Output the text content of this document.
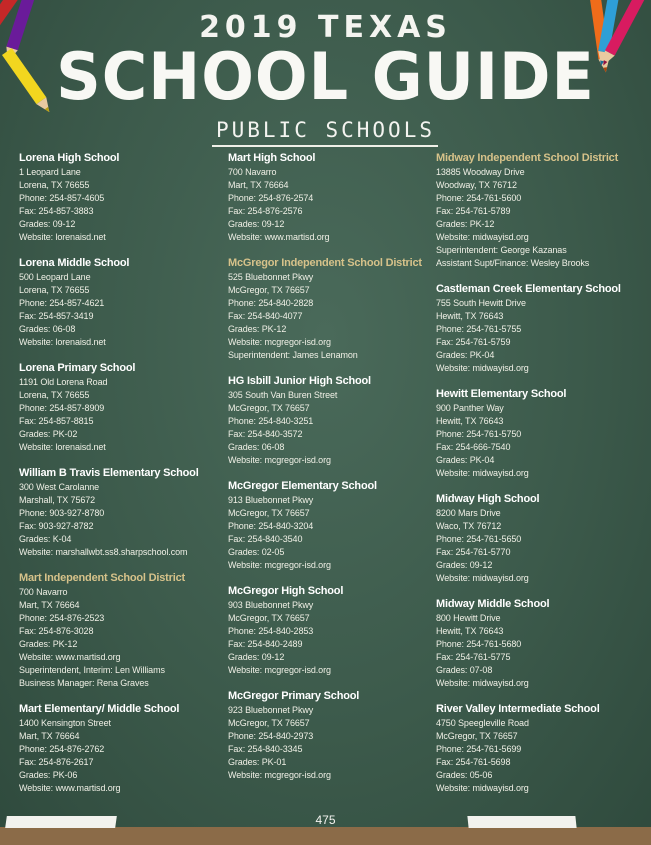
2019 TEXAS
SCHOOL GUIDE
PUBLIC SCHOOLS
Lorena High School
1 Leopard Lane
Lorena, TX 76655
Phone: 254-857-4605
Fax: 254-857-3883
Grades: 09-12
Website: lorenaisd.net
Lorena Middle School
500 Leopard Lane
Lorena, TX 76655
Phone: 254-857-4621
Fax: 254-857-3419
Grades: 06-08
Website: lorenaisd.net
Lorena Primary School
1191 Old Lorena Road
Lorena, TX 76655
Phone: 254-857-8909
Fax: 254-857-8815
Grades: PK-02
Website: lorenaisd.net
William B Travis Elementary School
300 West Carolanne
Marshall, TX 75672
Phone: 903-927-8780
Fax: 903-927-8782
Grades: K-04
Website: marshallwbt.ss8.sharpschool.com
Mart Independent School District
700 Navarro
Mart, TX 76664
Phone: 254-876-2523
Fax: 254-876-3028
Grades: PK-12
Website: www.martisd.org
Superintendent, Interim: Len Williams
Business Manager: Rena Graves
Mart Elementary/ Middle School
1400 Kensington Street
Mart, TX 76664
Phone: 254-876-2762
Fax: 254-876-2617
Grades: PK-06
Website: www.martisd.org
Mart High School
700 Navarro
Mart, TX 76664
Phone: 254-876-2574
Fax: 254-876-2576
Grades: 09-12
Website: www.martisd.org
McGregor Independent School District
525 Bluebonnet Pkwy
McGregor, TX 76657
Phone: 254-840-2828
Fax: 254-840-4077
Grades: PK-12
Website: mcgregor-isd.org
Superintendent: James Lenamon
HG Isbill Junior High School
305 South Van Buren Street
McGregor, TX 76657
Phone: 254-840-3251
Fax: 254-840-3572
Grades: 06-08
Website: mcgregor-isd.org
McGregor Elementary School
913 Bluebonnet Pkwy
McGregor, TX 76657
Phone: 254-840-3204
Fax: 254-840-3540
Grades: 02-05
Website: mcgregor-isd.org
McGregor High School
903 Bluebonnet Pkwy
McGregor, TX 76657
Phone: 254-840-2853
Fax: 254-840-2489
Grades: 09-12
Website: mcgregor-isd.org
McGregor Primary School
923 Bluebonnet Pkwy
McGregor, TX 76657
Phone: 254-840-2973
Fax: 254-840-3345
Grades: PK-01
Website: mcgregor-isd.org
Midway Independent School District
13885 Woodway Drive
Woodway, TX 76712
Phone: 254-761-5600
Fax: 254-761-5789
Grades: PK-12
Website: midwayisd.org
Superintendent: George Kazanas
Assistant Supt/Finance: Wesley Brooks
Castleman Creek Elementary School
755 South Hewitt Drive
Hewitt, TX 76643
Phone: 254-761-5755
Fax: 254-761-5759
Grades: PK-04
Website: midwayisd.org
Hewitt Elementary School
900 Panther Way
Hewitt, TX 76643
Phone: 254-761-5750
Fax: 254-666-7540
Grades: PK-04
Website: midwayisd.org
Midway High School
8200 Mars Drive
Waco, TX 76712
Phone: 254-761-5650
Fax: 254-761-5770
Grades: 09-12
Website: midwayisd.org
Midway Middle School
800 Hewitt Drive
Hewitt, TX 76643
Phone: 254-761-5680
Fax: 254-761-5775
Grades: 07-08
Website: midwayisd.org
River Valley Intermediate School
4750 Speegleville Road
McGregor, TX 76657
Phone: 254-761-5699
Fax: 254-761-5698
Grades: 05-06
Website: midwayisd.org
475
